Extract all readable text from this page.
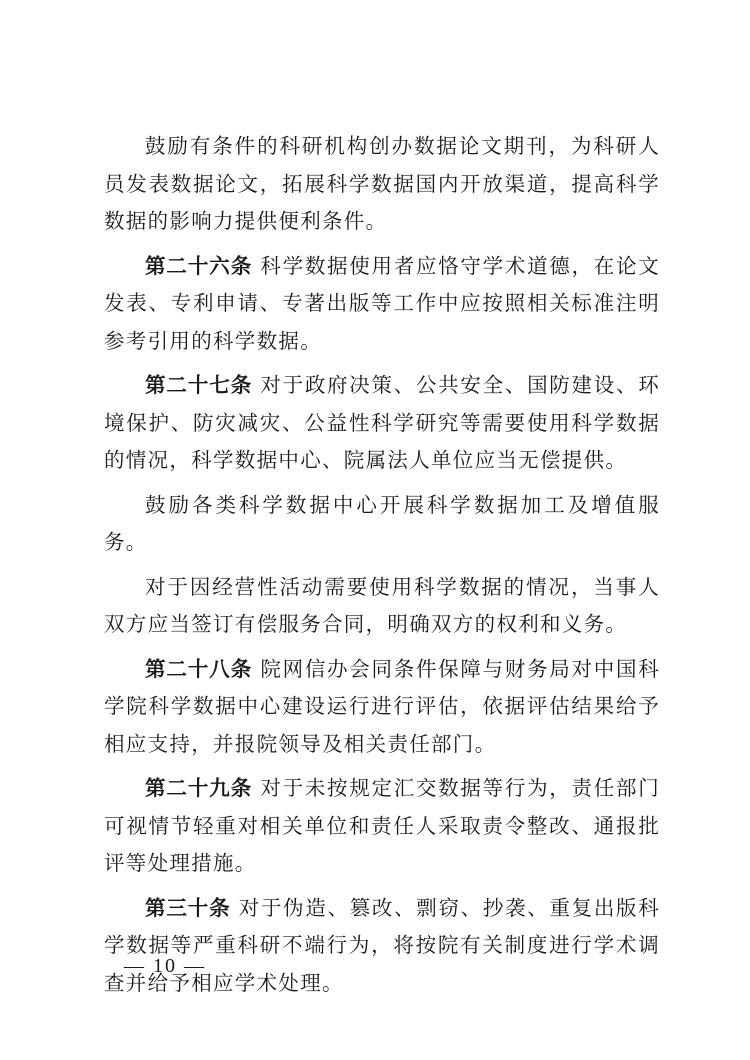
鼓励有条件的科研机构创办数据论文期刊，为科研人员发表数据论文，拓展科学数据国内开放渠道，提高科学数据的影响力提供便利条件。

第二十六条 科学数据使用者应恪守学术道德，在论文发表、专利申请、专著出版等工作中应按照相关标准注明参考引用的科学数据。

第二十七条 对于政府决策、公共安全、国防建设、环境保护、防灾减灾、公益性科学研究等需要使用科学数据的情况，科学数据中心、院属法人单位应当无偿提供。

鼓励各类科学数据中心开展科学数据加工及增值服务。

对于因经营性活动需要使用科学数据的情况，当事人双方应当签订有偿服务合同，明确双方的权利和义务。

第二十八条 院网信办会同条件保障与财务局对中国科学院科学数据中心建设运行进行评估，依据评估结果给予相应支持，并报院领导及相关责任部门。

第二十九条 对于未按规定汇交数据等行为，责任部门可视情节轻重对相关单位和责任人采取责令整改、通报批评等处理措施。

第三十条 对于伪造、篡改、剽窃、抄袭、重复出版科学数据等严重科研不端行为，将按院有关制度进行学术调查并给予相应学术处理。

— 10 —
